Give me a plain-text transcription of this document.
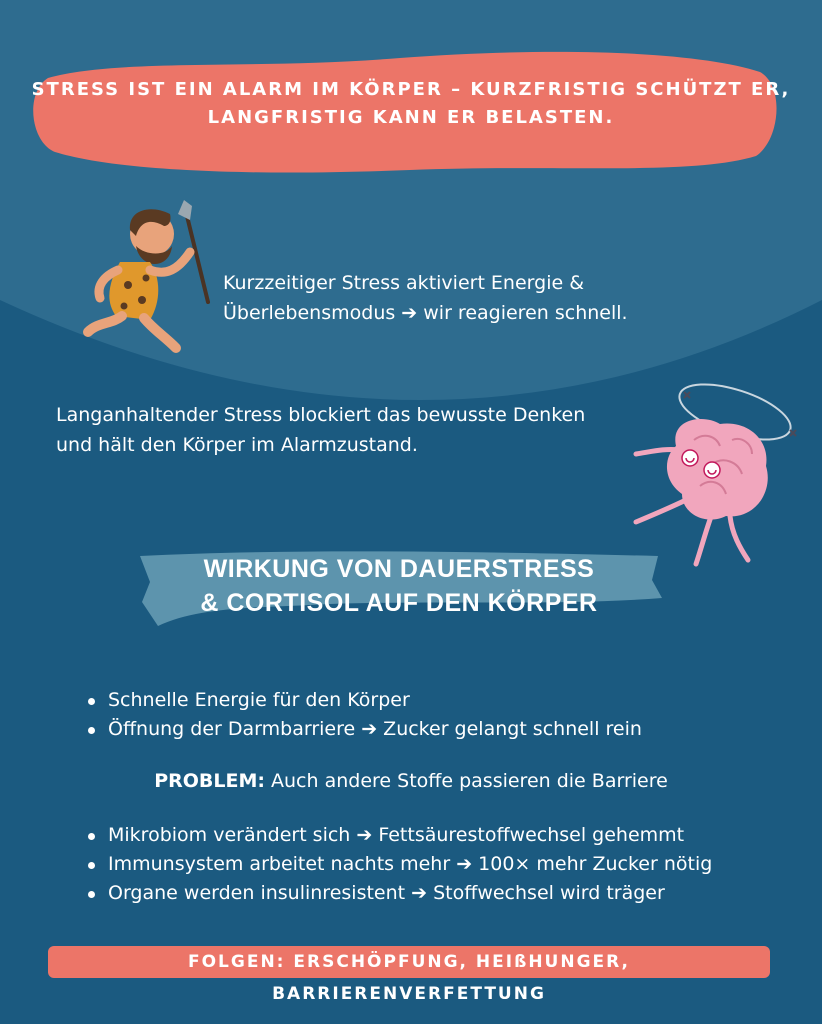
STRESS IST EIN ALARM IM KÖRPER – KURZFRISTIG SCHÜTZT ER, LANGFRISTIG KANN ER BELASTEN.
Kurzzeitiger Stress aktiviert Energie &
Überlebensmodus ➔ wir reagieren schnell.
Langanhaltender Stress blockiert das bewusste Denken
und hält den Körper im Alarmzustand.
WIRKUNG VON DAUERSTRESS
& CORTISOL AUF DEN KÖRPER
Schnelle Energie für den Körper
Öffnung der Darmbarriere ➔ Zucker gelangt schnell rein
PROBLEM: Auch andere Stoffe passieren die Barriere
Mikrobiom verändert sich ➔ Fettsäurestoffwechsel gehemmt
Immunsystem arbeitet nachts mehr ➔ 100× mehr Zucker nötig
Organe werden insulinresistent ➔ Stoffwechsel wird träger
FOLGEN: ERSCHÖPFUNG, HEIßHUNGER, BARRIERENVERFETTUNG
